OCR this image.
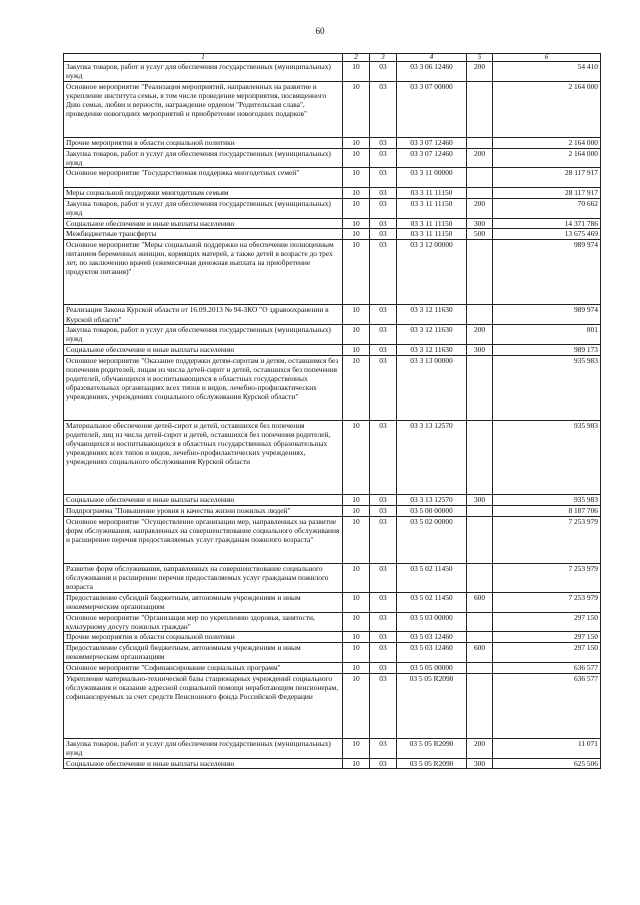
60
1	2	3	4	5	6
Закупка товаров, работ и услуг для обеспечения государственных (муниципальных) нужд	10	03	03 3 06 12460	200	54 410
Основное мероприятие "Реализация мероприятий, направленных на развитие и укрепление института семьи, в том числе проведение мероприятия, посвященного Дню семьи, любви и верности, награждение орденом "Родительская слава", проведение новогодних мероприятий и приобретение новогодних подарков"	10	03	03 3 07 00000		2 164 000
Прочие мероприятия в области социальной политики	10	03	03 3 07 12460		2 164 000
Закупка товаров, работ и услуг для обеспечения государственных (муниципальных) нужд	10	03	03 3 07 12460	200	2 164 000
Основное мероприятие "Государственная поддержка многодетных семей"	10	03	03 3 11 00000		28 117 917
Меры социальной поддержки многодетным семьям	10	03	03 3 11 11150		28 117 917
Закупка товаров, работ и услуг для обеспечения государственных (муниципальных) нужд	10	03	03 3 11 11150	200	70 662
Социальное обеспечение и иные выплаты населению	10	03	03 3 11 11150	300	14 371 786
Межбюджетные трансферты	10	03	03 3 11 11150	500	13 675 469
Основное мероприятие "Меры социальной поддержки на обеспечение полноценным питанием беременных женщин, кормящих матерей, а также детей в возрасте до трех лет, по заключению врачей (ежемесячная денежная выплата на приобретение продуктов питания)"	10	03	03 3 12 00000		989 974
Реализация Закона Курской области от 16.09.2013 № 94-ЗКО "О здравоохранении в Курской области"	10	03	03 3 12 11630		989 974
Закупка товаров, работ и услуг для обеспечения государственных (муниципальных) нужд	10	03	03 3 12 11630	200	801
Социальное обеспечение и иные выплаты населению	10	03	03 3 12 11630	300	989 173
Основное мероприятие "Оказание поддержки детям-сиротам и детям, оставшимся без попечения родителей, лицам из числа детей-сирот и детей, оставшихся без попечения родителей, обучающихся и воспитывающихся в областных государственных образовательных организациях всех типов и видов, лечебно-профилактических учреждениях, учреждениях социального обслуживания Курской области"	10	03	03 3 13 00000		935 983
Материальное обеспечение детей-сирот и детей, оставшихся без попечения родителей, лиц из числа детей-сирот и детей, оставшихся без попечения родителей, обучающихся и воспитывающихся в областных государственных образовательных учреждениях всех типов и видов, лечебно-профилактических учреждениях, учреждениях социального обслуживания Курской области	10	03	03 3 13 12570		935 983
Социальное обеспечение и иные выплаты населению	10	03	03 3 13 12570	300	935 983
Подпрограмма "Повышение уровня и качества жизни пожилых людей"	10	03	03 5 00 00000		8 187 706
Основное мероприятие "Осуществление организации мер, направленных на развитие форм обслуживания, направленных на совершенствование социального обслуживания и расширение перечня предоставляемых услуг гражданам пожилого возраста"	10	03	03 5 02 00000		7 253 979
Развитие форм обслуживания, направленных на совершенствование социального обслуживания и расширение перечня предоставляемых услуг гражданам пожилого возраста	10	03	03 5 02 11450		7 253 979
Предоставление субсидий бюджетным, автономным учреждениям и иным некоммерческим организациям	10	03	03 5 02 11450	600	7 253 979
Основное мероприятие "Организация мер по укреплению здоровья, занятости, культурному досугу пожилых граждан"	10	03	03 5 03 00000		297 150
Прочие мероприятия в области социальной политики	10	03	03 5 03 12460		297 150
Предоставление субсидий бюджетным, автономным учреждениям и иным некоммерческим организациям	10	03	03 5 03 12460	600	297 150
Основное мероприятие "Софинансирование социальных программ"	10	03	03 5 05 00000		636 577
Укрепление материально-технической базы стационарных учреждений социального обслуживания и оказание адресной социальной помощи неработающим пенсионерам, софинансируемых за счет средств Пенсионного фонда Российской Федерации	10	03	03 5 05 R2090		636 577
Закупка товаров, работ и услуг для обеспечения государственных (муниципальных) нужд	10	03	03 5 05 R2090	200	11 071
Социальное обеспечение и иные выплаты населению	10	03	03 5 05 R2090	300	625 506
